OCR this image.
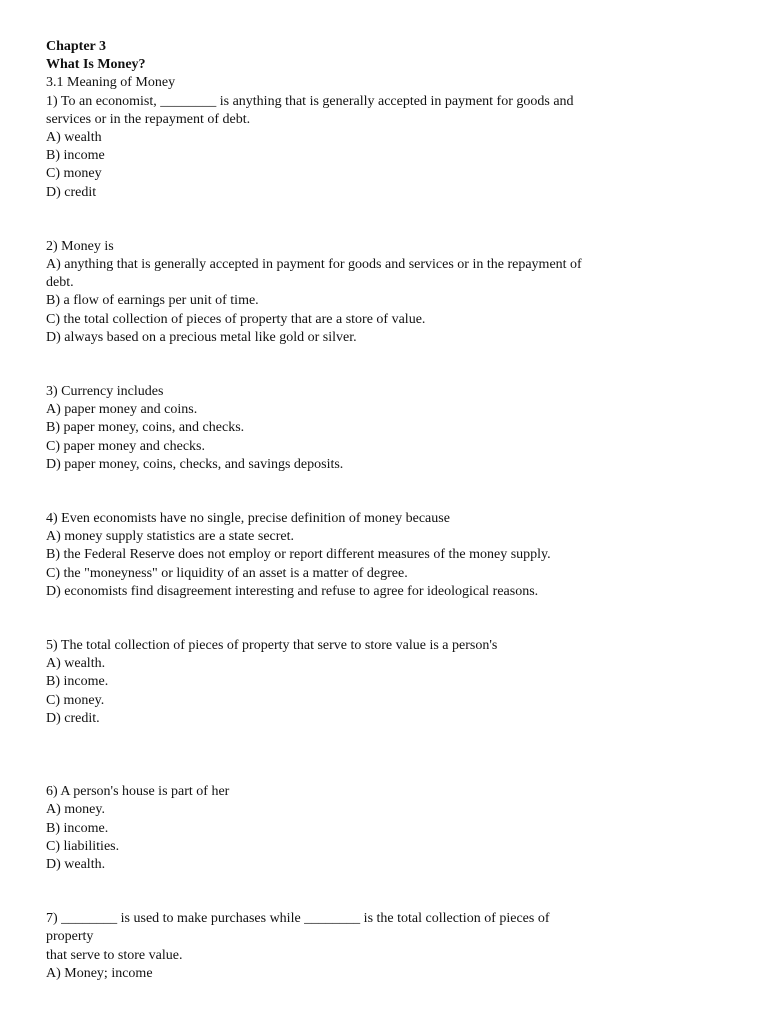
Chapter 3
What Is Money?
3.1 Meaning of Money
1) To an economist, ________ is anything that is generally accepted in payment for goods and
services or in the repayment of debt.
A) wealth
B) income
C) money
D) credit
2) Money is
A) anything that is generally accepted in payment for goods and services or in the repayment of
debt.
B) a flow of earnings per unit of time.
C) the total collection of pieces of property that are a store of value.
D) always based on a precious metal like gold or silver.
3) Currency includes
A) paper money and coins.
B) paper money, coins, and checks.
C) paper money and checks.
D) paper money, coins, checks, and savings deposits.
4) Even economists have no single, precise definition of money because
A) money supply statistics are a state secret.
B) the Federal Reserve does not employ or report different measures of the money supply.
C) the "moneyness" or liquidity of an asset is a matter of degree.
D) economists find disagreement interesting and refuse to agree for ideological reasons.
5) The total collection of pieces of property that serve to store value is a person's
A) wealth.
B) income.
C) money.
D) credit.
6) A person's house is part of her
A) money.
B) income.
C) liabilities.
D) wealth.
7) ________ is used to make purchases while ________ is the total collection of pieces of
property
that serve to store value.
A) Money; income
